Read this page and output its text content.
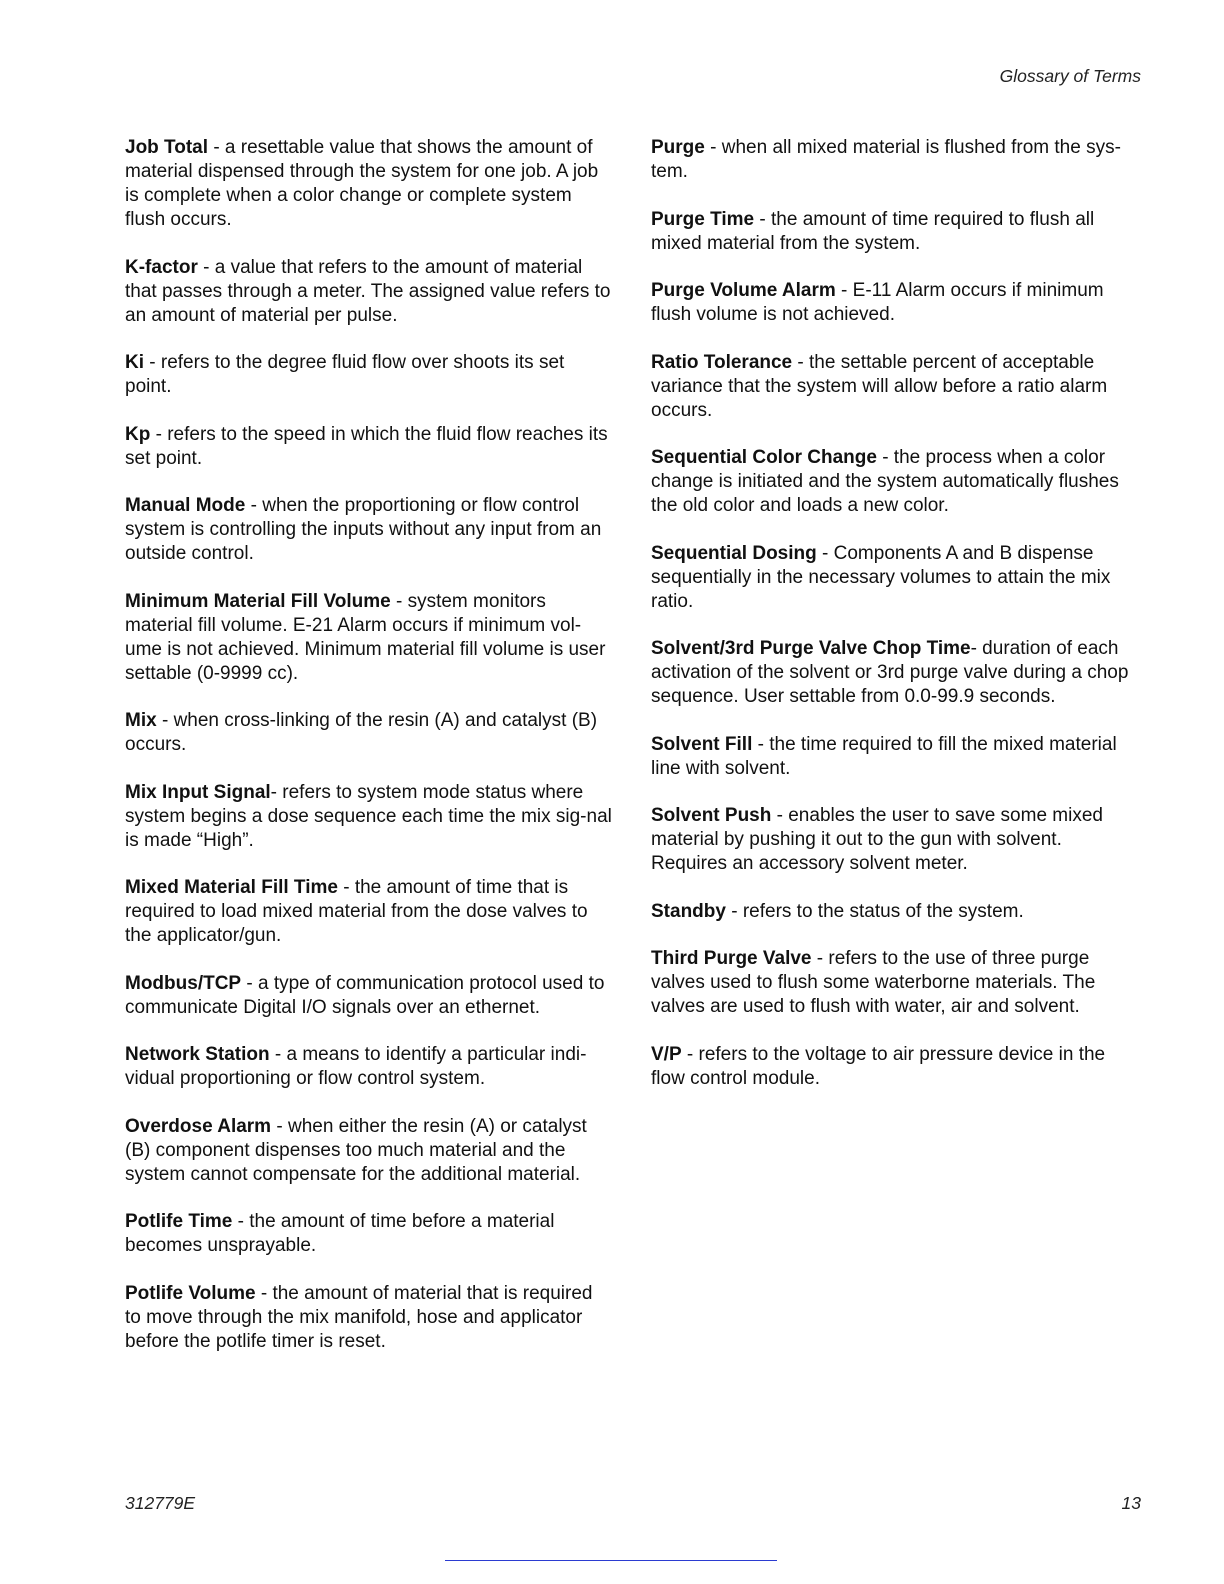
Glossary of Terms

Job Total - a resettable value that shows the amount of material dispensed through the system for one job. A job is complete when a color change or complete system flush occurs.

K-factor - a value that refers to the amount of material that passes through a meter. The assigned value refers to an amount of material per pulse.

Ki - refers to the degree fluid flow over shoots its set point.

Kp - refers to the speed in which the fluid flow reaches its set point.

Manual Mode - when the proportioning or flow control system is controlling the inputs without any input from an outside control.

Minimum Material Fill Volume - system monitors material fill volume. E-21 Alarm occurs if minimum vol-ume is not achieved. Minimum material fill volume is user settable (0-9999 cc).

Mix - when cross-linking of the resin (A) and catalyst (B) occurs.

Mix Input Signal- refers to system mode status where system begins a dose sequence each time the mix sig-nal is made “High”.

Mixed Material Fill Time - the amount of time that is required to load mixed material from the dose valves to the applicator/gun.

Modbus/TCP - a type of communication protocol used to communicate Digital I/O signals over an ethernet.

Network Station - a means to identify a particular indi-vidual proportioning or flow control system.

Overdose Alarm - when either the resin (A) or catalyst (B) component dispenses too much material and the system cannot compensate for the additional material.

Potlife Time - the amount of time before a material becomes unsprayable.

Potlife Volume - the amount of material that is required to move through the mix manifold, hose and applicator before the potlife timer is reset.

Purge - when all mixed material is flushed from the sys-tem.

Purge Time - the amount of time required to flush all mixed material from the system.

Purge Volume Alarm - E-11 Alarm occurs if minimum flush volume is not achieved.

Ratio Tolerance - the settable percent of acceptable variance that the system will allow before a ratio alarm occurs.

Sequential Color Change - the process when a color change is initiated and the system automatically flushes the old color and loads a new color.

Sequential Dosing - Components A and B dispense sequentially in the necessary volumes to attain the mix ratio.

Solvent/3rd Purge Valve Chop Time- duration of each activation of the solvent or 3rd purge valve during a chop sequence. User settable from 0.0-99.9 seconds.

Solvent Fill - the time required to fill the mixed material line with solvent.

Solvent Push - enables the user to save some mixed material by pushing it out to the gun with solvent. Requires an accessory solvent meter.

Standby - refers to the status of the system.

Third Purge Valve - refers to the use of three purge valves used to flush some waterborne materials. The valves are used to flush with water, air and solvent.

V/P - refers to the voltage to air pressure device in the flow control module.

312779E	13
